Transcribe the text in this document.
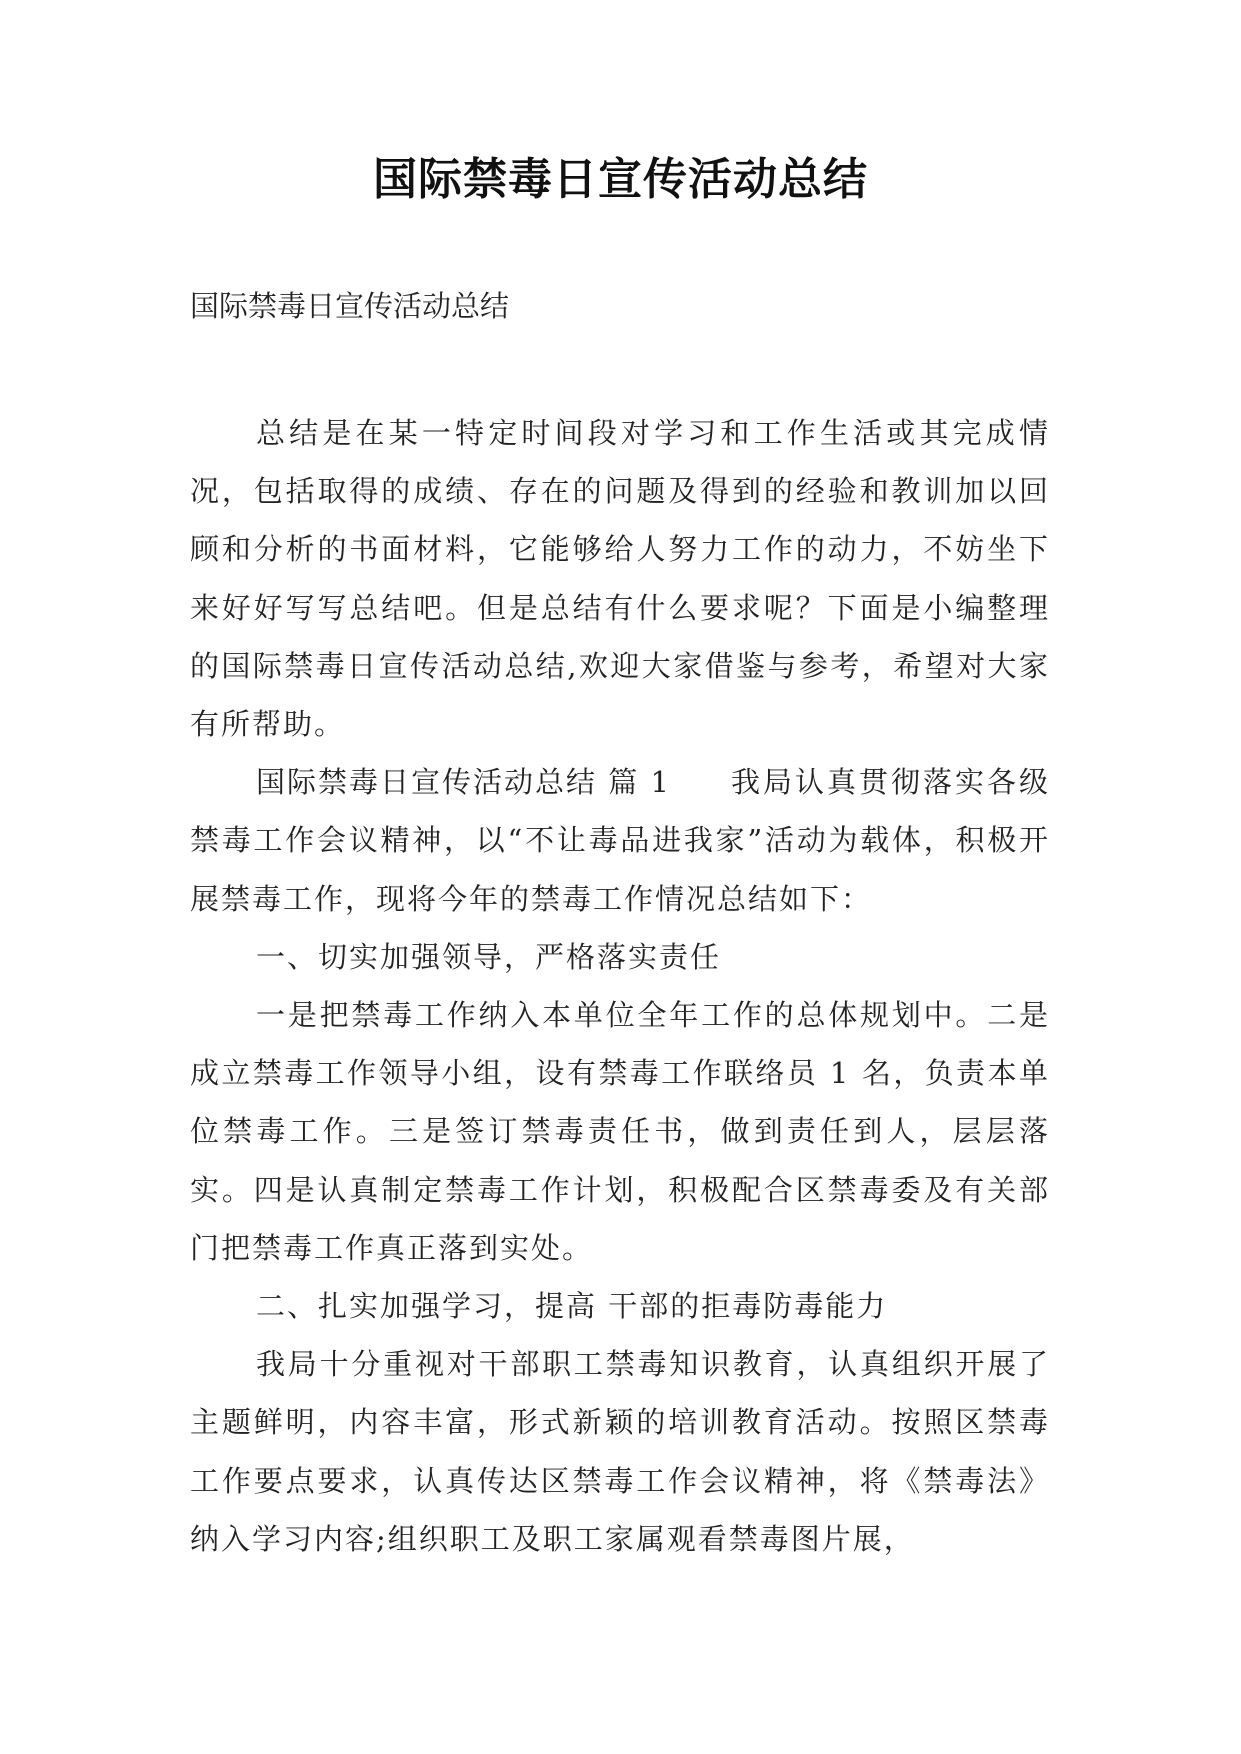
国际禁毒日宣传活动总结
国际禁毒日宣传活动总结

总结是在某一特定时间段对学习和工作生活或其完成情况，包括取得的成绩、存在的问题及得到的经验和教训加以回顾和分析的书面材料，它能够给人努力工作的动力，不妨坐下来好好写写总结吧。但是总结有什么要求呢？下面是小编整理的国际禁毒日宣传活动总结,欢迎大家借鉴与参考，希望对大家有所帮助。

国际禁毒日宣传活动总结 篇 1 我局认真贯彻落实各级禁毒工作会议精神，以“不让毒品进我家”活动为载体，积极开展禁毒工作，现将今年的禁毒工作情况总结如下：

一、切实加强领导，严格落实责任

一是把禁毒工作纳入本单位全年工作的总体规划中。二是成立禁毒工作领导小组，设有禁毒工作联络员 1 名，负责本单位禁毒工作。三是签订禁毒责任书，做到责任到人，层层落实。四是认真制定禁毒工作计划，积极配合区禁毒委及有关部门把禁毒工作真正落到实处。

二、扎实加强学习，提高 干部的拒毒防毒能力

我局十分重视对干部职工禁毒知识教育，认真组织开展了主题鲜明，内容丰富，形式新颖的培训教育活动。按照区禁毒工作要点要求，认真传达区禁毒工作会议精神，将《禁毒法》纳入学习内容;组织职工及职工家属观看禁毒图片展，
